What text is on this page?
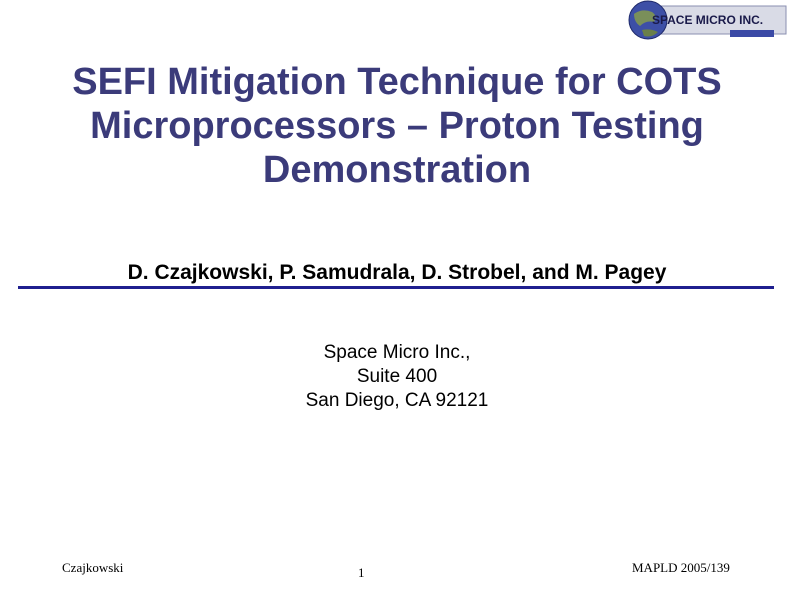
SPACE MICRO INC.
SEFI Mitigation Technique for COTS
Microprocessors – Proton Testing
Demonstration
D. Czajkowski, P. Samudrala, D. Strobel, and M. Pagey
Space Micro Inc.,
Suite 400
San Diego, CA 92121
Czajkowski	1	MAPLD 2005/139
